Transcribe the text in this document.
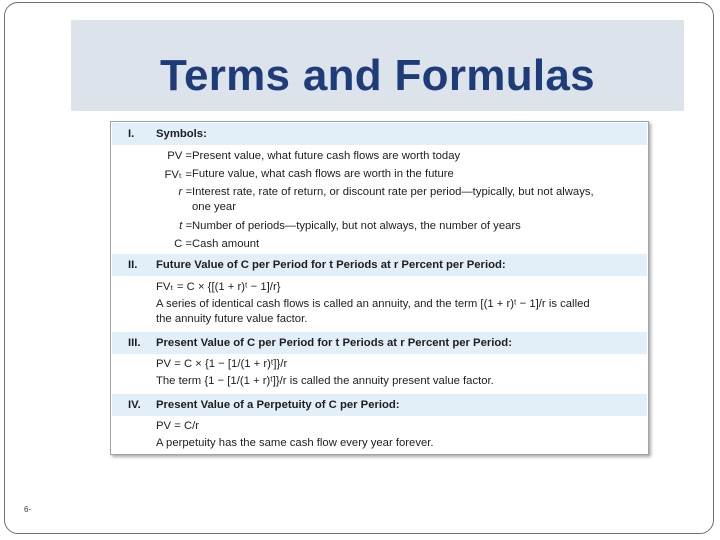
Terms and Formulas
I. Symbols:
PV = Present value, what future cash flows are worth today
FVₜ = Future value, what cash flows are worth in the future
r = Interest rate, rate of return, or discount rate per period—typically, but not always,
one year
t = Number of periods—typically, but not always, the number of years
C = Cash amount
II. Future Value of C per Period for t Periods at r Percent per Period:
FVₜ = C × {[(1 + r)ᵗ − 1]/r}
A series of identical cash flows is called an annuity, and the term [(1 + r)ᵗ − 1]/r is called
the annuity future value factor.
III. Present Value of C per Period for t Periods at r Percent per Period:
PV = C × {1 − [1/(1 + r)ᵗ]}/r
The term {1 − [1/(1 + r)ᵗ]}/r is called the annuity present value factor.
IV. Present Value of a Perpetuity of C per Period:
PV = C/r
A perpetuity has the same cash flow every year forever.
6-
